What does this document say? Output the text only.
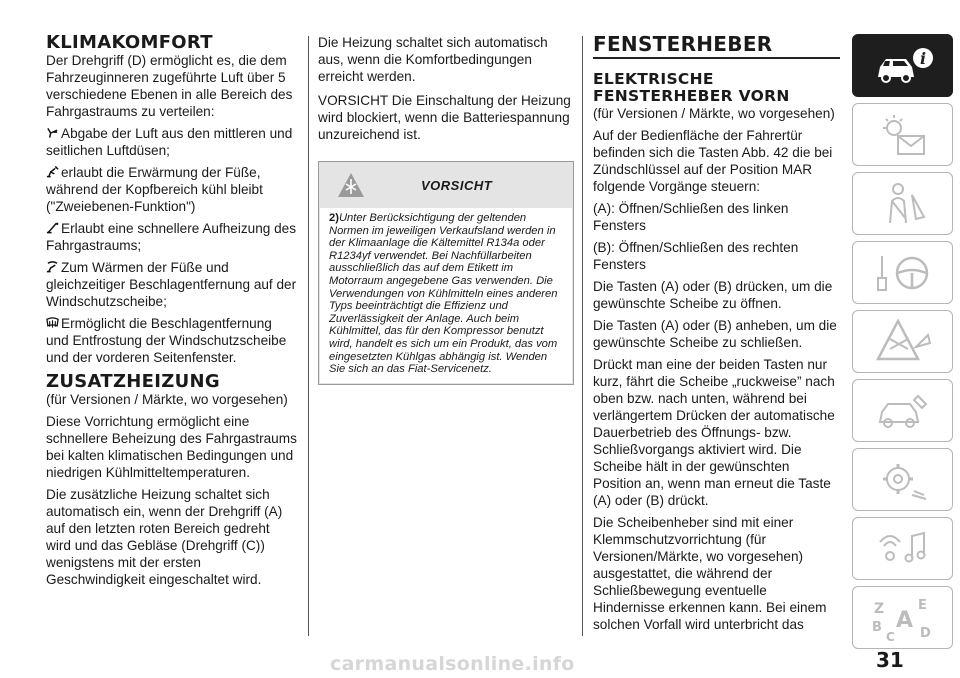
KLIMAKOMFORT

Der Drehgriff (D) ermöglicht es, die dem Fahrzeuginneren zugeführte Luft über 5 verschiedene Ebenen in alle Bereich des Fahrgastraums zu verteilen:

Abgabe der Luft aus den mittleren und seitlichen Luftdüsen;

erlaubt die Erwärmung der Füße, während der Kopfbereich kühl bleibt ("Zweiebenen-Funktion")

Erlaubt eine schnellere Aufheizung des Fahrgastraums;

Zum Wärmen der Füße und gleichzeitiger Beschlagentfernung auf der Windschutzscheibe;

Ermöglicht die Beschlagentfernung und Entfrostung der Windschutzscheibe und der vorderen Seitenfenster.

ZUSATZHEIZUNG

(für Versionen / Märkte, wo vorgesehen)

Diese Vorrichtung ermöglicht eine schnellere Beheizung des Fahrgastraums bei kalten klimatischen Bedingungen und niedrigen Kühlmitteltemperaturen.

Die zusätzliche Heizung schaltet sich automatisch ein, wenn der Drehgriff (A) auf den letzten roten Bereich gedreht wird und das Gebläse (Drehgriff (C)) wenigstens mit der ersten Geschwindigkeit eingeschaltet wird.

Die Heizung schaltet sich automatisch aus, wenn die Komfortbedingungen erreicht werden.

VORSICHT Die Einschaltung der Heizung wird blockiert, wenn die Batteriespannung unzureichend ist.

VORSICHT
2)Unter Berücksichtigung der geltenden Normen im jeweiligen Verkaufsland werden in der Klimaanlage die Kältemittel R134a oder R1234yf verwendet. Bei Nachfüllarbeiten ausschließlich das auf dem Etikett im Motorraum angegebene Gas verwenden. Die Verwendungen von Kühlmitteln eines anderen Typs beeinträchtigt die Effizienz und Zuverlässigkeit der Anlage. Auch beim Kühlmittel, das für den Kompressor benutzt wird, handelt es sich um ein Produkt, das vom eingesetzten Kühlgas abhängig ist. Wenden Sie sich an das Fiat-Servicenetz.
FENSTERHEBER
ELEKTRISCHE FENSTERHEBER VORN

(für Versionen / Märkte, wo vorgesehen)

Auf der Bedienfläche der Fahrertür befinden sich die Tasten Abb. 42 die bei Zündschlüssel auf der Position MAR folgende Vorgänge steuern:

(A): Öffnen/Schließen des linken Fensters

(B): Öffnen/Schließen des rechten Fensters

Die Tasten (A) oder (B) drücken, um die gewünschte Scheibe zu öffnen.

Die Tasten (A) oder (B) anheben, um die gewünschte Scheibe zu schließen.

Drückt man eine der beiden Tasten nur kurz, fährt die Scheibe „ruckweise” nach oben bzw. nach unten, während bei verlängertem Drücken der automatische Dauerbetrieb des Öffnungs- bzw. Schließvorgangs aktiviert wird. Die Scheibe hält in der gewünschten Position an, wenn man erneut die Taste (A) oder (B) drückt.

Die Scheibenheber sind mit einer Klemmschutzvorrichtung (für Versionen/Märkte, wo vorgesehen) ausgestattet, die während der Schließbewegung eventuelle Hindernisse erkennen kann. Bei einem solchen Vorfall wird unterbricht das

i
Z	E
B A
C D
carmanualsonline.info	31
